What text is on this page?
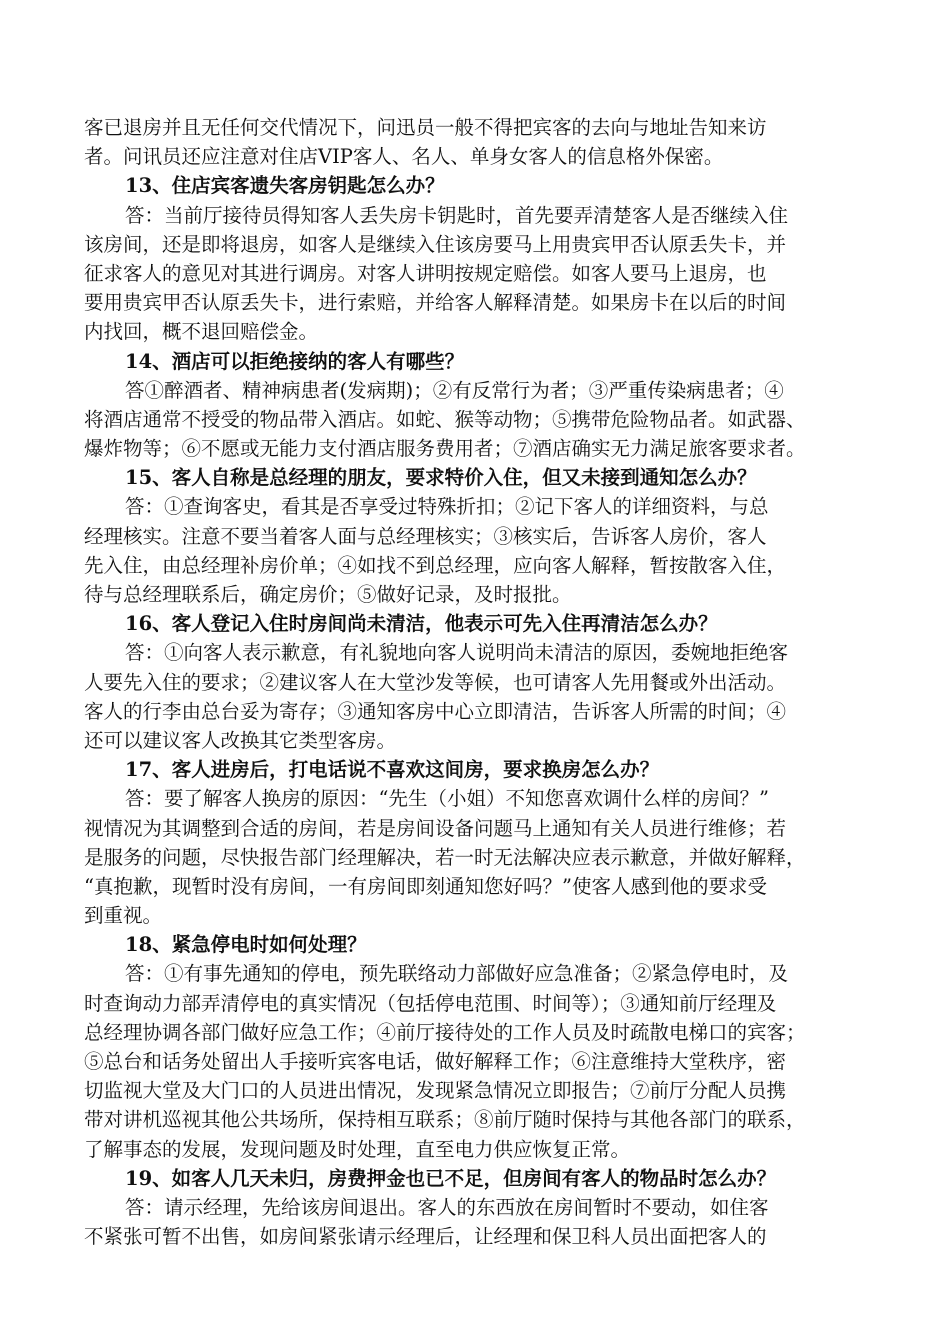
客已退房并且无任何交代情况下，问迅员一般不得把宾客的去向与地址告知来访
者。问讯员还应注意对住店VIP客人、名人、单身女客人的信息格外保密。
13、住店宾客遗失客房钥匙怎么办？
答：当前厅接待员得知客人丢失房卡钥匙时，首先要弄清楚客人是否继续入住
该房间，还是即将退房，如客人是继续入住该房要马上用贵宾甲否认原丢失卡，并
征求客人的意见对其进行调房。对客人讲明按规定赔偿。如客人要马上退房，也
要用贵宾甲否认原丢失卡，进行索赔，并给客人解释清楚。如果房卡在以后的时间
内找回，概不退回赔偿金。
14、酒店可以拒绝接纳的客人有哪些？
答①醉酒者、精神病患者(发病期)；②有反常行为者；③严重传染病患者；④
将酒店通常不授受的物品带入酒店。如蛇、猴等动物；⑤携带危险物品者。如武器、
爆炸物等；⑥不愿或无能力支付酒店服务费用者；⑦酒店确实无力满足旅客要求者。
15、客人自称是总经理的朋友，要求特价入住，但又未接到通知怎么办？
答：①查询客史，看其是否享受过特殊折扣；②记下客人的详细资料，与总
经理核实。注意不要当着客人面与总经理核实；③核实后，告诉客人房价，客人
先入住，由总经理补房价单；④如找不到总经理，应向客人解释，暂按散客入住，
待与总经理联系后，确定房价；⑤做好记录，及时报批。
16、客人登记入住时房间尚未清洁，他表示可先入住再清洁怎么办？
答：①向客人表示歉意，有礼貌地向客人说明尚未清洁的原因，委婉地拒绝客
人要先入住的要求；②建议客人在大堂沙发等候，也可请客人先用餐或外出活动。
客人的行李由总台妥为寄存；③通知客房中心立即清洁，告诉客人所需的时间；④
还可以建议客人改换其它类型客房。
17、客人进房后，打电话说不喜欢这间房，要求换房怎么办？
答：要了解客人换房的原因：“先生（小姐）不知您喜欢调什么样的房间？”
视情况为其调整到合适的房间，若是房间设备问题马上通知有关人员进行维修；若
是服务的问题，尽快报告部门经理解决，若一时无法解决应表示歉意，并做好解释，
“真抱歉，现暂时没有房间，一有房间即刻通知您好吗？”使客人感到他的要求受
到重视。
18、紧急停电时如何处理？
答：①有事先通知的停电，预先联络动力部做好应急准备；②紧急停电时，及
时查询动力部弄清停电的真实情况（包括停电范围、时间等）；③通知前厅经理及
总经理协调各部门做好应急工作；④前厅接待处的工作人员及时疏散电梯口的宾客；
⑤总台和话务处留出人手接听宾客电话，做好解释工作；⑥注意维持大堂秩序，密
切监视大堂及大门口的人员进出情况，发现紧急情况立即报告；⑦前厅分配人员携
带对讲机巡视其他公共场所，保持相互联系；⑧前厅随时保持与其他各部门的联系，
了解事态的发展，发现问题及时处理，直至电力供应恢复正常。
19、如客人几天未归，房费押金也已不足，但房间有客人的物品时怎么办？
答：请示经理，先给该房间退出。客人的东西放在房间暂时不要动，如住客
不紧张可暂不出售，如房间紧张请示经理后，让经理和保卫科人员出面把客人的
